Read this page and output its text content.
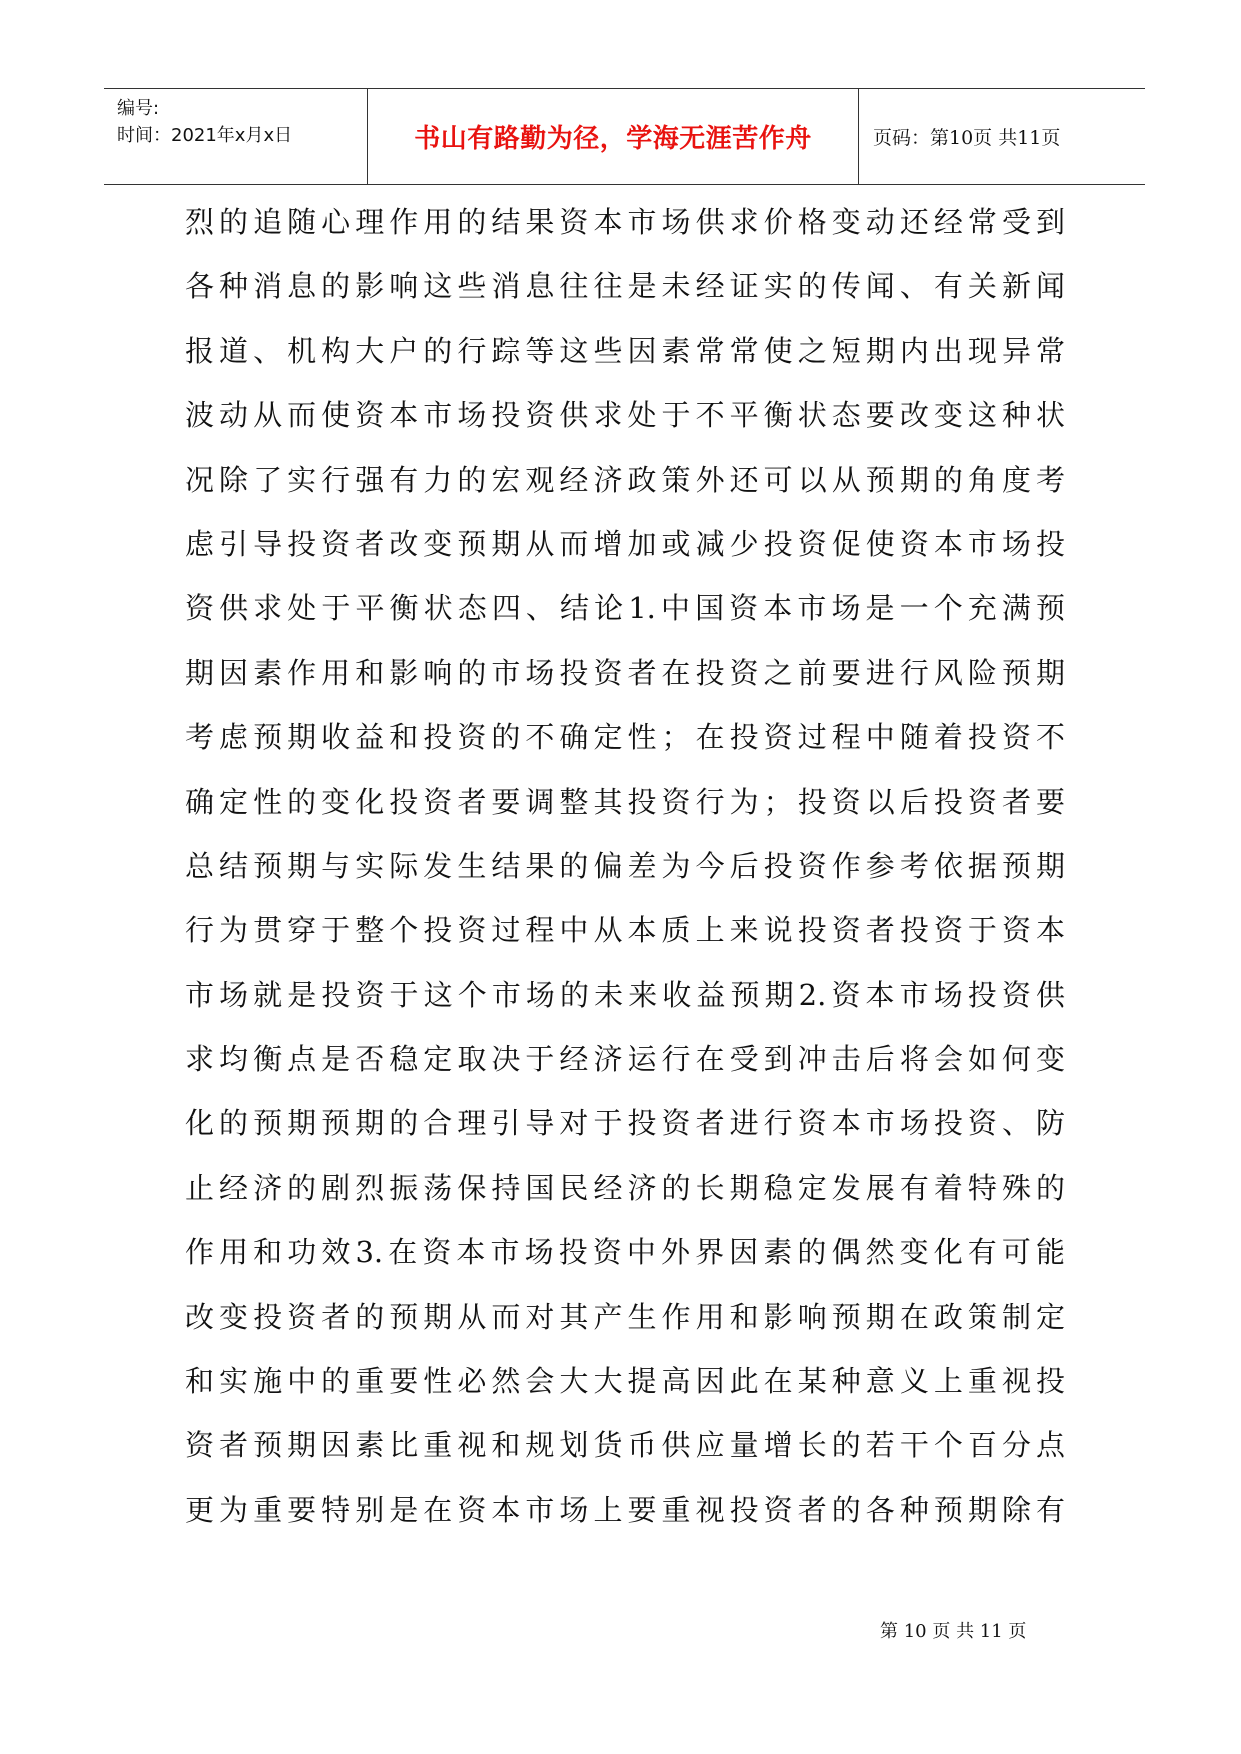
编号:
时间：2021年x月x日	书山有路勤为径，学海无涯苦作舟	页码：第10页 共11页
烈的追随心理作用的结果资本市场供求价格变动还经常受到
各种消息的影响这些消息往往是未经证实的传闻、有关新闻
报道、机构大户的行踪等这些因素常常使之短期内出现异常
波动从而使资本市场投资供求处于不平衡状态要改变这种状
况除了实行强有力的宏观经济政策外还可以从预期的角度考
虑引导投资者改变预期从而增加或减少投资促使资本市场投
资供求处于平衡状态四、结论1.中国资本市场是一个充满预
期因素作用和影响的市场投资者在投资之前要进行风险预期
考虑预期收益和投资的不确定性；在投资过程中随着投资不
确定性的变化投资者要调整其投资行为；投资以后投资者要
总结预期与实际发生结果的偏差为今后投资作参考依据预期
行为贯穿于整个投资过程中从本质上来说投资者投资于资本
市场就是投资于这个市场的未来收益预期2.资本市场投资供
求均衡点是否稳定取决于经济运行在受到冲击后将会如何变
化的预期预期的合理引导对于投资者进行资本市场投资、防
止经济的剧烈振荡保持国民经济的长期稳定发展有着特殊的
作用和功效3.在资本市场投资中外界因素的偶然变化有可能
改变投资者的预期从而对其产生作用和影响预期在政策制定
和实施中的重要性必然会大大提高因此在某种意义上重视投
资者预期因素比重视和规划货币供应量增长的若干个百分点
更为重要特别是在资本市场上要重视投资者的各种预期除有
第 10 页 共 11 页
